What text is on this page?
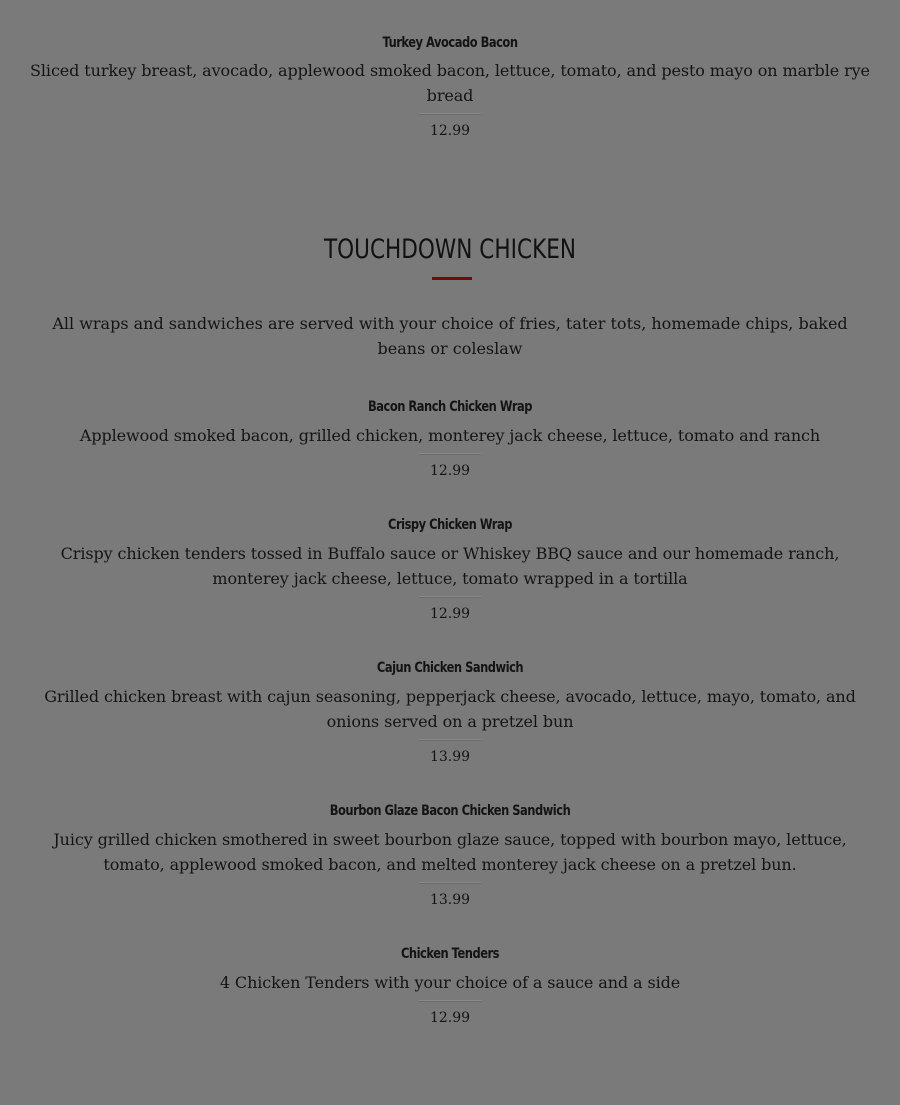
Turkey Avocado Bacon
Sliced turkey breast, avocado, applewood smoked bacon, lettuce, tomato, and pesto mayo on marble rye bread
12.99
TOUCHDOWN CHICKEN
All wraps and sandwiches are served with your choice of fries, tater tots, homemade chips, baked beans or coleslaw
Bacon Ranch Chicken Wrap
Applewood smoked bacon, grilled chicken, monterey jack cheese, lettuce, tomato and ranch
12.99
Crispy Chicken Wrap
Crispy chicken tenders tossed in Buffalo sauce or Whiskey BBQ sauce and our homemade ranch, monterey jack cheese, lettuce, tomato wrapped in a tortilla
12.99
Cajun Chicken Sandwich
Grilled chicken breast with cajun seasoning, pepperjack cheese, avocado, lettuce, mayo, tomato, and onions served on a pretzel bun
13.99
Bourbon Glaze Bacon Chicken Sandwich
Juicy grilled chicken smothered in sweet bourbon glaze sauce, topped with bourbon mayo, lettuce, tomato, applewood smoked bacon, and melted monterey jack cheese on a pretzel bun.
13.99
Chicken Tenders
4 Chicken Tenders with your choice of a sauce and a side
12.99
